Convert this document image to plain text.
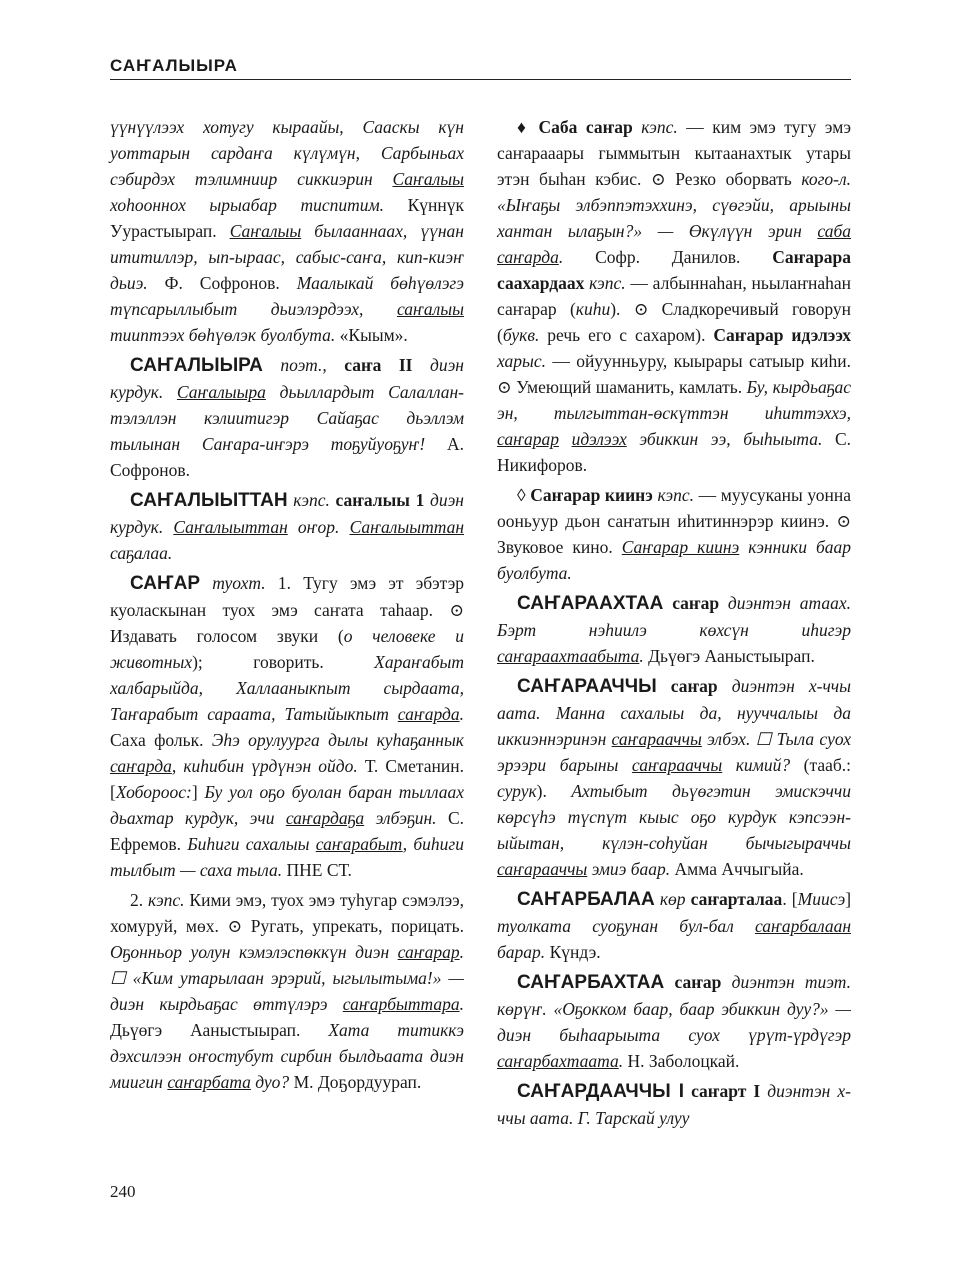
САҤАЛЫЫРА

үүнүүлээх хотугу кыраайы, Сааскы күн уоттарын сардаҥа күлүмүн, Сарбыньах сэбирдэх тэлимниир сиккиэрин Саҥалыы хоһооннох ырыабар тиспитим. Күннүк Уурастыырап. Саҥалыы былааннаах, үүнан ититиллэр, ып-ыраас, сабыс-саҥа, кип-киэҥ дьиэ. Ф. Софронов. Маалыкай бөһүөлэгэ түпсарыллыбыт дьиэлэрдээх, саҥалыы тииптээх бөһүөлэк буолбута. «Кыым».

САҤАЛЫЫРА поэт., саҥа II диэн курдук. Саҥалыыра дьыллардыт Салаллан-тэлэллэн кэлиитигэр Сайаҕас дьэллэм тылынан Саҥара-иҥэрэ тоҕуйуоҕуҥ! А. Софронов.

САҤАЛЫЫТТАН кэпс. саҥалыы 1 диэн курдук. Саҥалыыттан оҥор. Саҥалыыттан саҕалаа.

САҤАР туохт. 1. Тугу эмэ эт эбэтэр куоласкынан туох эмэ саҥата таһаар. ⊙ Издавать голосом звуки (о человеке и животных); говорить. Хараҥабыт халбарыйда, Халлааныкпыт сырдаата, Таҥарабыт сараата, Татыйыкпыт саҥарда. Саха фольк. Эһэ орулуурга дылы куһаҕаннык саҥарда, киһибин үрдүнэн ойдо. Т. Сметанин. [Хобороос:] Бу уол оҕо буолан баран тыллаах дьахтар курдук, эчи саҥардаҕа элбэҕин. С. Ефремов. Биһиги сахалыы саҥарабыт, биһиги тылбыт — саха тыла. ПНЕ СТ.

2. кэпс. Кими эмэ, туох эмэ туһугар сэмэлээ, хомуруй, мөх. ⊙ Ругать, упрекать, порицать. Оҕонньор уолун кэмэлэспөккүн диэн саҥарар. ☐ «Ким утарылаан эрэрий, ыгылытыма!» — диэн кырдьаҕас өттүлэрэ саҥарбыттара. Дьүөгэ Ааныстыырап. Хата титиккэ дэхсилээн оҥостубут сирбин былдьаата диэн миигин саҥарбата дуо? М. Доҕордуурап.

♦ Саба саҥар кэпс. — ким эмэ тугу эмэ саҥарааары гыммытын кытаанахтык утары этэн быһан кэбис. ⊙ Резко оборвать кого-л. «Ыҥаҕы элбэппэтэххинэ, сүөгэйи, арыыны хантан ылаҕын?» — Өкүлүүн эрин саба саҥарда. Софр. Данилов. Саҥарара саахардаах кэпс. — албыннаһан, ньылаҥнаһан саҥарар (киһи). ⊙ Сладкоречивый говорун (букв. речь его с сахаром). Саҥарар идэлээх харыс. — ойуунньуру, кыырары сатыыр киһи. ⊙ Умеющий шаманить, камлать. Бу, кырдьаҕас эн, тылгыттан-өскүттэн иһиттэххэ, саҥарар идэлээх эбиккин ээ, быһыыта. С. Никифоров.

◊ Саҥарар киинэ кэпс. — муусуканы уонна ооньуур дьон саҥатын иһитиннэрэр киинэ. ⊙ Звуковое кино. Саҥарар киинэ кэнники баар буолбута.

САҤАРААХТАА саҥар диэнтэн атаах. Бэрт нэһиилэ көхсүн иһигэр саҥараахтаабыта. Дьүөгэ Ааныстыырап.

САҤАРААЧЧЫ саҥар диэнтэн х-ччы аата. Манна сахалыы да, нууччалыы да иккиэннэринэн саҥарааччы элбэх. ☐ Тыла суох эрээри барыны саҥарааччы кимий? (тааб.: сурук). Ахтыбыт дьүөгэтин эмискэччи көрсүһэ түспүт кыыс оҕо курдук кэпсээн-ыйытан, күлэн-соһуйан бычыгыраччы саҥарааччы эмиэ баар. Амма Аччыгыйа.

САҤАРБАЛАА көр саҥарталаа. [Миисэ] туолката суоҕунан бул-бал саҥарбалаан барар. Күндэ.

САҤАРБАХТАА саҥар диэнтэн тиэт. көрүҥ. «Оҕокком баар, баар эбиккин дуу?» — диэн быһаарыыта суох үрүт-үрдүгэр саҥарбахтаата. Н. Заболоцкай.

САҤАРДААЧЧЫ I саҥарт I диэнтэн х-ччы аата. Г. Тарскай улуу

240
